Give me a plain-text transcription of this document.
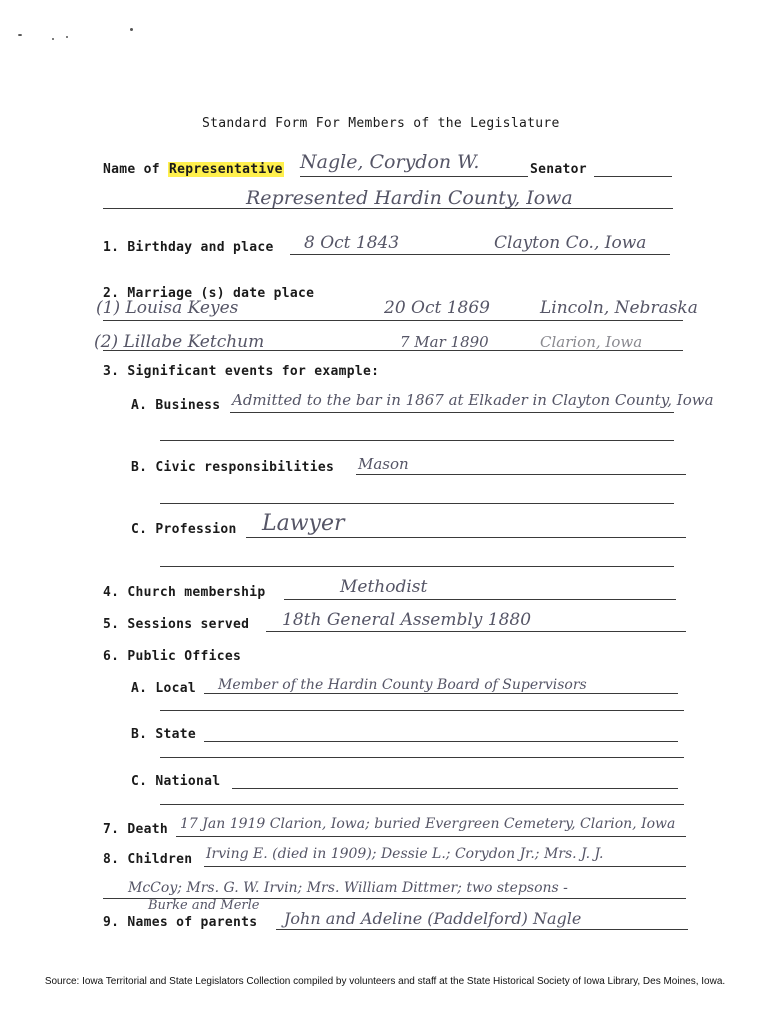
Standard Form For Members of the Legislature
Name of Representative Nagle, Corydon W.	Senator
Represented Hardin County, Iowa
1. Birthday and place 8 Oct 1843	Clayton Co., Iowa
2. Marriage (s) date place
(1) Louisa Keyes	20 Oct 1869	Lincoln, Nebraska
(2) Lillabe Ketchum	7 Mar 1890	Clarion, Iowa
3. Significant events for example:
A. Business Admitted to the bar in 1867 at Elkader in Clayton County, Iowa
B. Civic responsibilities Mason
C. Profession Lawyer
4. Church membership	Methodist
5. Sessions served 18th General Assembly 1880
6. Public Offices
A. Local Member of the Hardin County Board of Supervisors
B. State
C. National
7. Death 17 Jan 1919 Clarion, Iowa; buried Evergreen Cemetery, Clarion, Iowa
8. Children Irving E. (died in 1909); Dessie L.; Corydon Jr.; Mrs. J. J.
McCoy; Mrs. G. W. Irvin; Mrs. William Dittmer; two stepsons -
Burke and Merle
9. Names of parents John and Adeline (Paddelford) Nagle
Source: Iowa Territorial and State Legislators Collection compiled by volunteers and staff at the State Historical Society of Iowa Library, Des Moines, Iowa.
